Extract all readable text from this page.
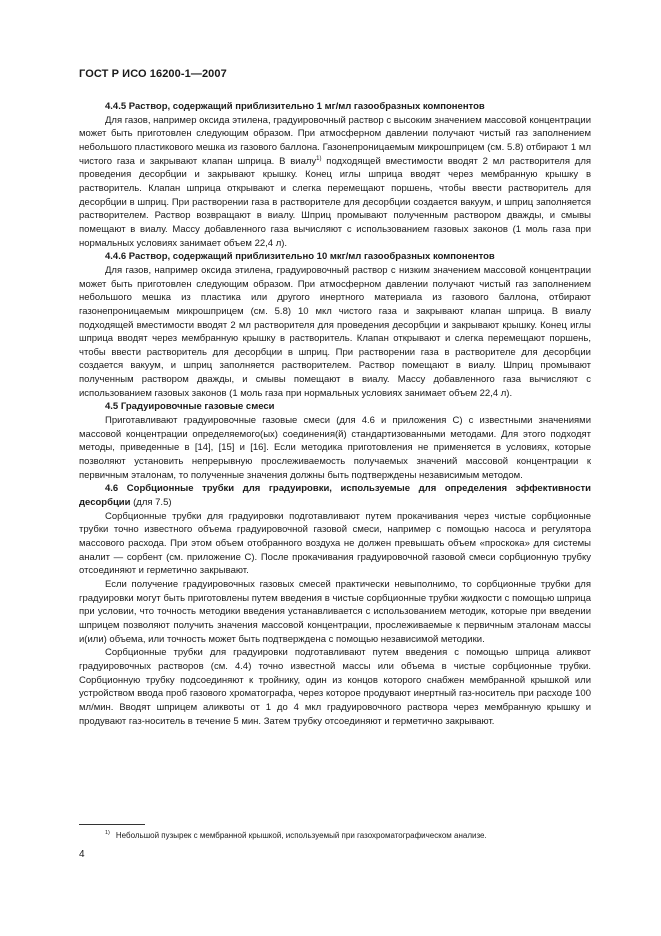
ГОСТ Р ИСО 16200-1—2007
4.4.5 Раствор, содержащий приблизительно 1 мг/мл газообразных компонентов

Для газов, например оксида этилена, градуировочный раствор с высоким значением массовой концентрации может быть приготовлен следующим образом. При атмосферном давлении получают чистый газ заполнением небольшого пластикового мешка из газового баллона. Газонепроницаемым микрошприцем (см. 5.8) отбирают 1 мл чистого газа и закрывают клапан шприца. В виалу$^{1)}$ подходящей вместимости вводят 2 мл растворителя для проведения десорбции и закрывают крышку. Конец иглы шприца вводят через мембранную крышку в растворитель. Клапан шприца открывают и слегка перемещают поршень, чтобы ввести растворитель для десорбции в шприц. При растворении газа в растворителе для десорбции создается вакуум, и шприц заполняется растворителем. Раствор возвращают в виалу. Шприц промывают полученным раствором дважды, и смывы помещают в виалу. Массу добавленного газа вычисляют с использованием газовых законов (1 моль газа при нормальных условиях занимает объем 22,4 л).

4.4.6 Раствор, содержащий приблизительно 10 мкг/мл газообразных компонентов

Для газов, например оксида этилена, градуировочный раствор с низким значением массовой концентрации может быть приготовлен следующим образом. При атмосферном давлении получают чистый газ заполнением небольшого мешка из пластика или другого инертного материала из газового баллона, отбирают газонепроницаемым микрошприцем (см. 5.8) 10 мкл чистого газа и закрывают клапан шприца. В виалу подходящей вместимости вводят 2 мл растворителя для проведения десорбции и закрывают крышку. Конец иглы шприца вводят через мембранную крышку в растворитель. Клапан открывают и слегка перемещают поршень, чтобы ввести растворитель для десорбции в шприц. При растворении газа в растворителе для десорбции создается вакуум, и шприц заполняется растворителем. Раствор помещают в виалу. Шприц промывают полученным раствором дважды, и смывы помещают в виалу. Массу добавленного газа вычисляют с использованием газовых законов (1 моль газа при нормальных условиях занимает объем 22,4 л).

4.5 Градуировочные газовые смеси

Приготавливают градуировочные газовые смеси (для 4.6 и приложения С) с известными значениями массовой концентрации определяемого(ых) соединения(й) стандартизованными методами. Для этого подходят методы, приведенные в [14], [15] и [16]. Если методика приготовления не применяется в условиях, которые позволяют установить непрерывную прослеживаемость получаемых значений массовой концентрации к первичным эталонам, то полученные значения должны быть подтверждены независимым методом.

4.6 Сорбционные трубки для градуировки, используемые для определения эффективности десорбции (для 7.5)

Сорбционные трубки для градуировки подготавливают путем прокачивания через чистые сорбционные трубки точно известного объема градуировочной газовой смеси, например с помощью насоса и регулятора массового расхода. При этом объем отобранного воздуха не должен превышать объем «проскока» для системы аналит — сорбент (см. приложение С). После прокачивания градуировочной газовой смеси сорбционную трубку отсоединяют и герметично закрывают.

Если получение градуировочных газовых смесей практически невыполнимо, то сорбционные трубки для градуировки могут быть приготовлены путем введения в чистые сорбционные трубки жидкости с помощью шприца при условии, что точность методики введения устанавливается с использованием методик, которые при введении шприцем позволяют получить значения массовой концентрации, прослеживаемые к первичным эталонам массы и(или) объема, или точность может быть подтверждена с помощью независимой методики.

Сорбционные трубки для градуировки подготавливают путем введения с помощью шприца аликвот градуировочных растворов (см. 4.4) точно известной массы или объема в чистые сорбционные трубки. Сорбционную трубку подсоединяют к тройнику, один из концов которого снабжен мембранной крышкой или устройством ввода проб газового хроматографа, через которое продувают инертный газ-носитель при расходе 100 мл/мин. Вводят шприцем аликвоты от 1 до 4 мкл градуировочного раствора через мембранную крышку и продувают газ-носитель в течение 5 мин. Затем трубку отсоединяют и герметично закрывают.

$^{1)}$ Небольшой пузырек с мембранной крышкой, используемый при газохроматографическом анализе.
4
